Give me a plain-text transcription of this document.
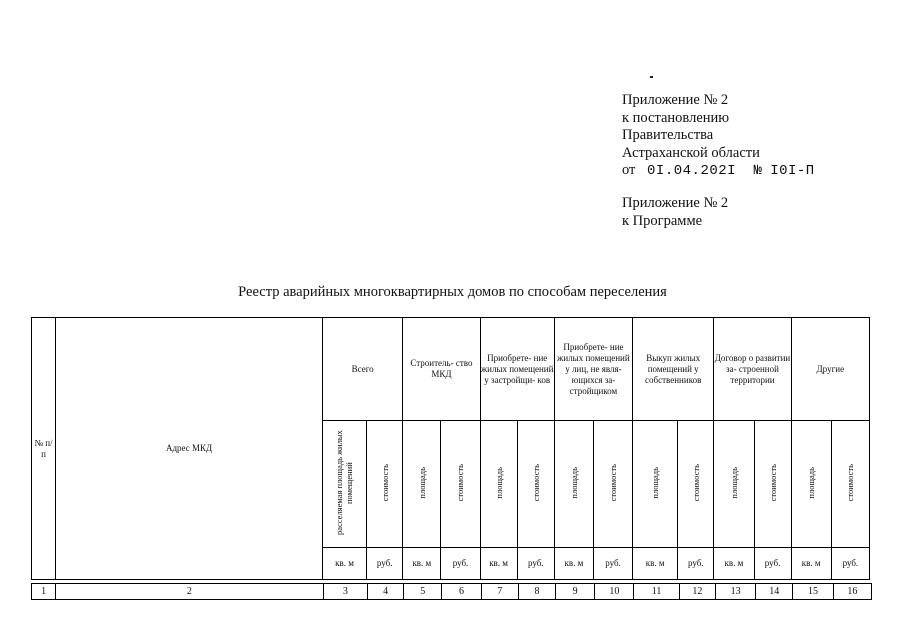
Приложение № 2
к постановлению
Правительства
Астраханской области
от 0I.04.202I № I0I-П
Приложение № 2
к Программе
Реестр аварийных многоквартирных домов по способам переселения
№ п/ п	Адрес МКД	Всего		Строитель- ство МКД		Приобрете- ние жилых помещений у застройщи- ков		Приобрете- ние жилых помещений у лиц, не явля- ющихся за- стройщиком		Выкуп жилых помещений у собственников		Договор о развитии за- строенной территории		Другие	
		расселяемая площадь жилых помещений	стоимость	площадь	стоимость	площадь	стоимость	площадь	стоимость	площадь	стоимость	площадь	стоимость	площадь	стоимость
		кв. м	руб.	кв. м	руб.	кв. м	руб.	кв. м	руб.	кв. м	руб.	кв. м	руб.	кв. м	руб.
1	2	3	4	5	6	7	8	9	10	11	12	13	14	15	16
